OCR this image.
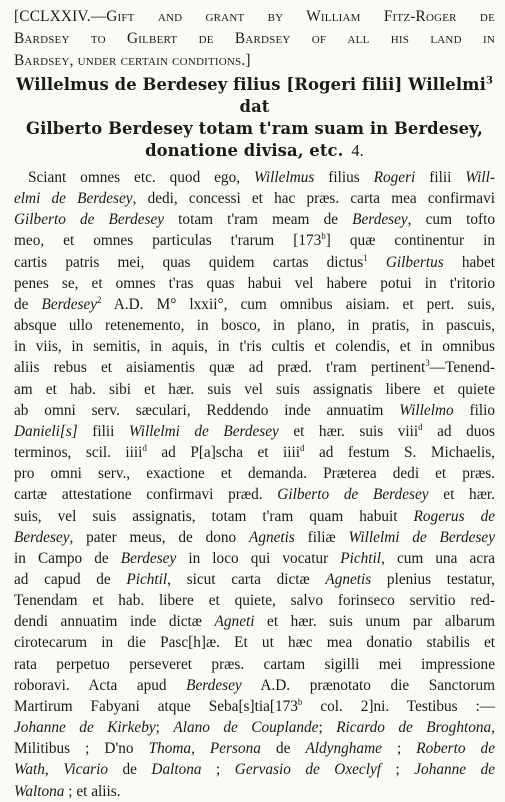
[CCLXXIV.—Gift and grant by William Fitz-Roger de
Bardsey to Gilbert de Bardsey of all his land in
Bardsey, under certain conditions.]
Willelmus de Berdesey filius [Rogeri filii] Willelmi$^3$ dat
Gilberto Berdesey totam t'ram suam in Berdesey,
donatione divisa, etc. 4.
Sciant omnes etc. quod ego, Willelmus filius Rogeri filii Will-
elmi de Berdesey, dedi, concessi et hac præs. carta mea confirmavi
Gilberto de Berdesey totam t'ram meam de Berdesey, cum tofto
meo, et omnes particulas t'rarum [173$^b$] quæ continentur in
cartis patris mei, quas quidem cartas dictus$^1$ Gilbertus habet
penes se, et omnes t'ras quas habui vel habere potui in t'ritorio
de Berdesey$^2$ A.D. M° lxxii°, cum omnibus aisiam. et pert. suis,
absque ullo retenemento, in bosco, in plano, in pratis, in pascuis,
in viis, in semitis, in aquis, in t'ris cultis et colendis, et in omnibus
aliis rebus et aisiamentis quæ ad præd. t'ram pertinent$^3$—Tenend-
am et hab. sibi et hær. suis vel suis assignatis libere et quiete
ab omni serv. sæculari, Reddendo inde annuatim Willelmo filio
Danieli[s] filii Willelmi de Berdesey et hær. suis viii$^d$ ad duos
terminos, scil. iiii$^d$ ad P[a]scha et iiii$^d$ ad festum S. Michaelis,
pro omni serv., exactione et demanda. Præterea dedi et præs.
cartæ attestatione confirmavi præd. Gilberto de Berdesey et hær.
suis, vel suis assignatis, totam t'ram quam habuit Rogerus de
Berdesey, pater meus, de dono Agnetis filiæ Willelmi de Berdesey
in Campo de Berdesey in loco qui vocatur Pichtil, cum una acra
ad capud de Pichtil, sicut carta dictæ Agnetis plenius testatur,
Tenendam et hab. libere et quiete, salvo forinseco servitio red-
dendi annuatim inde dictæ Agneti et hær. suis unum par albarum
cirotecarum in die Pasc[h]æ. Et ut hæc mea donatio stabilis et
rata perpetuo perseveret præs. cartam sigilli mei impressione
roboravi. Acta apud Berdesey A.D. prænotato die Sanctorum
Martirum Fabyani atque Seba[s]tia[173$^b$ col. 2]ni. Testibus :—
Johanne de Kirkeby; Alano de Couplande; Ricardo de Broghtona,
Militibus ; D'no Thoma, Persona de Aldynghame ; Roberto de
Wath, Vicario de Daltona ; Gervasio de Oxeclyf ; Johanne de
Waltona ; et aliis.
